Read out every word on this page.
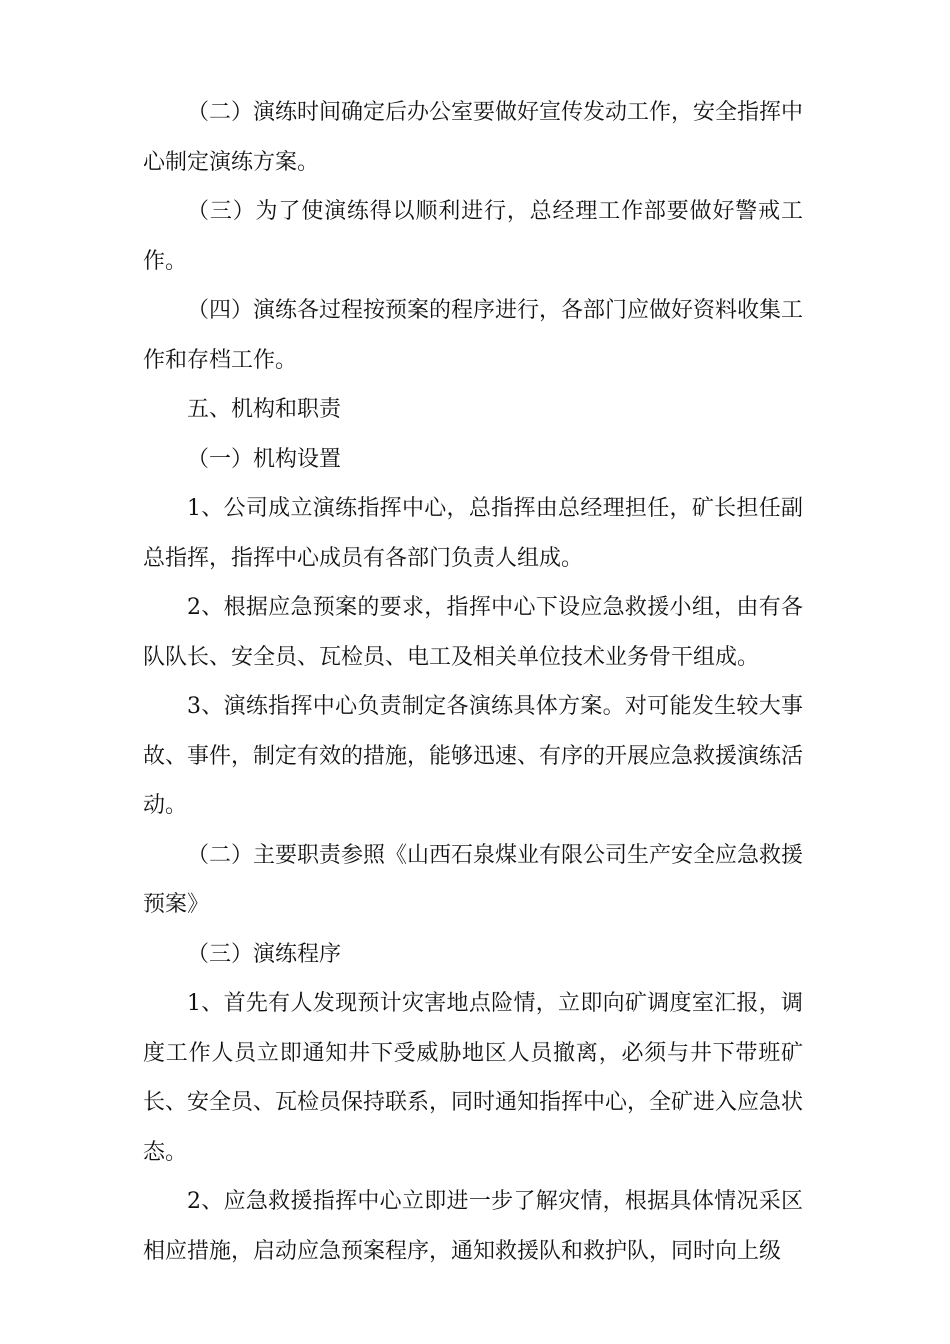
（二）演练时间确定后办公室要做好宣传发动工作，安全指挥中心制定演练方案。

（三）为了使演练得以顺利进行，总经理工作部要做好警戒工作。

（四）演练各过程按预案的程序进行，各部门应做好资料收集工作和存档工作。

五、机构和职责

（一）机构设置

1、公司成立演练指挥中心，总指挥由总经理担任，矿长担任副总指挥，指挥中心成员有各部门负责人组成。

2、根据应急预案的要求，指挥中心下设应急救援小组，由有各队队长、安全员、瓦检员、电工及相关单位技术业务骨干组成。

3、演练指挥中心负责制定各演练具体方案。对可能发生较大事故、事件，制定有效的措施，能够迅速、有序的开展应急救援演练活动。

（二）主要职责参照《山西石泉煤业有限公司生产安全应急救援预案》

（三）演练程序

1、首先有人发现预计灾害地点险情，立即向矿调度室汇报，调度工作人员立即通知井下受威胁地区人员撤离，必须与井下带班矿长、安全员、瓦检员保持联系，同时通知指挥中心，全矿进入应急状态。

2、应急救援指挥中心立即进一步了解灾情，根据具体情况采区相应措施，启动应急预案程序，通知救援队和救护队，同时向上级
